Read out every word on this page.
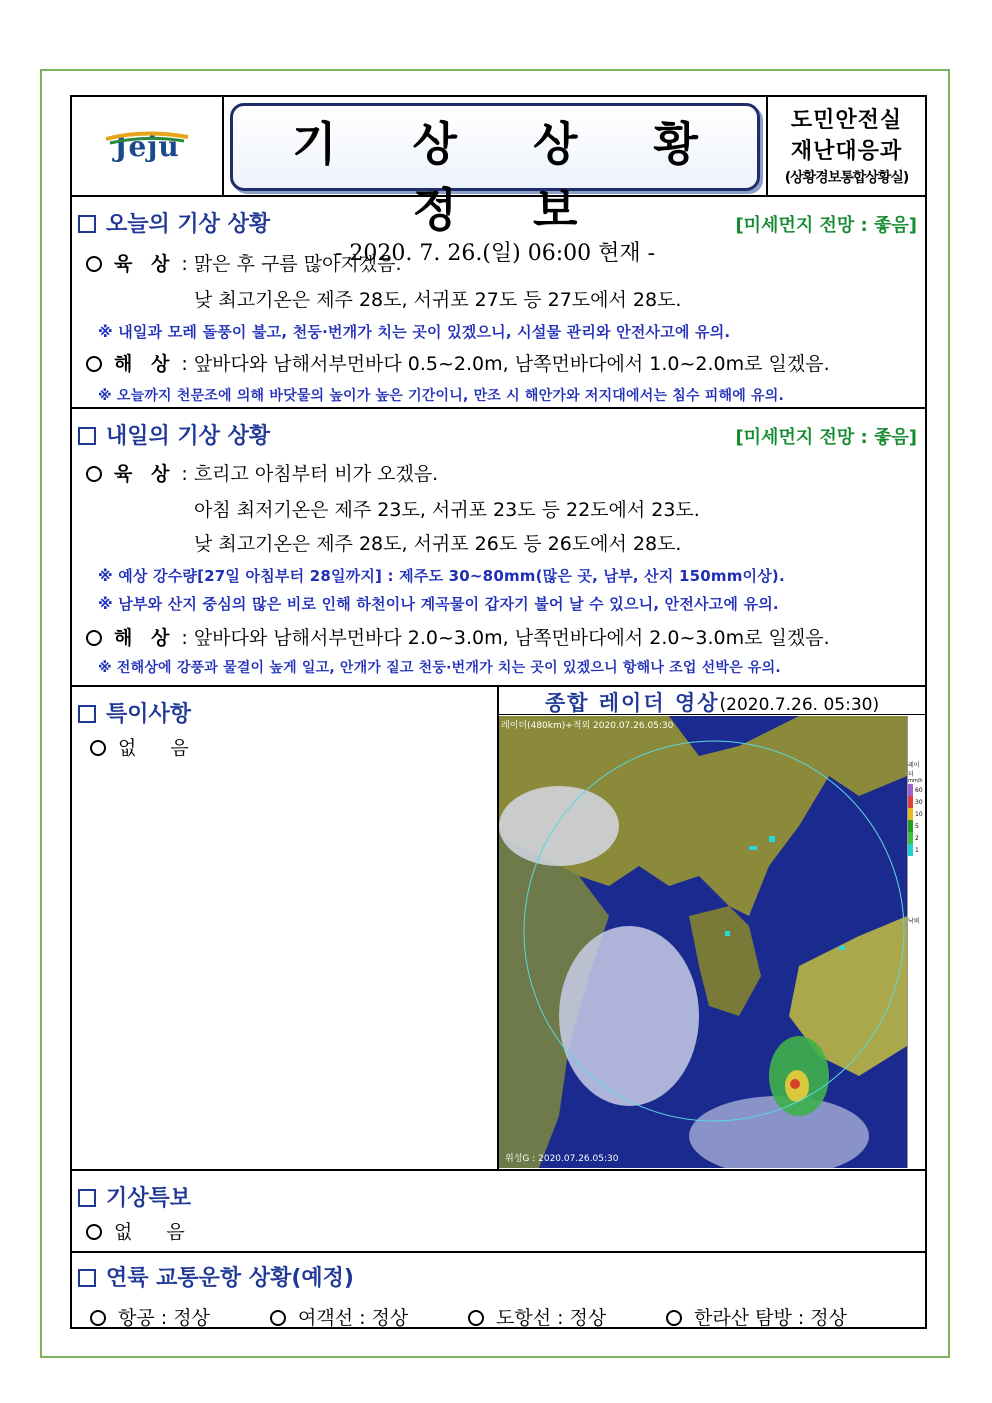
Jeju	기 상 상 황 정 보
- 2020. 7. 26.(일) 06:00 현재 -
도민안전실
재난대응과
(상황경보통합상황실)
오늘의 기상 상황	[미세먼지 전망 : 좋음]
육 상 : 맑은 후 구름 많아지겠음.
낮 최고기온은 제주 28도, 서귀포 27도 등 27도에서 28도.
※ 내일과 모레 돌풍이 불고, 천둥·번개가 치는 곳이 있겠으니, 시설물 관리와 안전사고에 유의.
해 상 : 앞바다와 남해서부먼바다 0.5~2.0m, 남쪽먼바다에서 1.0~2.0m로 일겠음.
※ 오늘까지 천문조에 의해 바닷물의 높이가 높은 기간이니, 만조 시 해안가와 저지대에서는 침수 피해에 유의.
내일의 기상 상황	[미세먼지 전망 : 좋음]
육 상 : 흐리고 아침부터 비가 오겠음.
아침 최저기온은 제주 23도, 서귀포 23도 등 22도에서 23도.
낮 최고기온은 제주 28도, 서귀포 26도 등 26도에서 28도.
※ 예상 강수량[27일 아침부터 28일까지] : 제주도 30~80mm(많은 곳, 남부, 산지 150mm이상).
※ 남부와 산지 중심의 많은 비로 인해 하천이나 계곡물이 갑자기 불어 날 수 있으니, 안전사고에 유의.
해 상 : 앞바다와 남해서부먼바다 2.0~3.0m, 남쪽먼바다에서 2.0~3.0m로 일겠음.
※ 전해상에 강풍과 물결이 높게 일고, 안개가 짙고 천둥·번개가 치는 곳이 있겠으니 항해나 조업 선박은 유의.
특이사항
없 음
종합 레이더 영상(2020.7.26. 05:30)
레이더(480km)+적외 2020.07.26.05:30
위성G : 2020.07.26.05:30
레이더
mm/h
60
30
10
5
2
1
낙뢰
기상특보
없 음
연륙 교통운항 상황(예정)
항공 : 정상	여객선 : 정상	도항선 : 정상	한라산 탐방 : 정상
